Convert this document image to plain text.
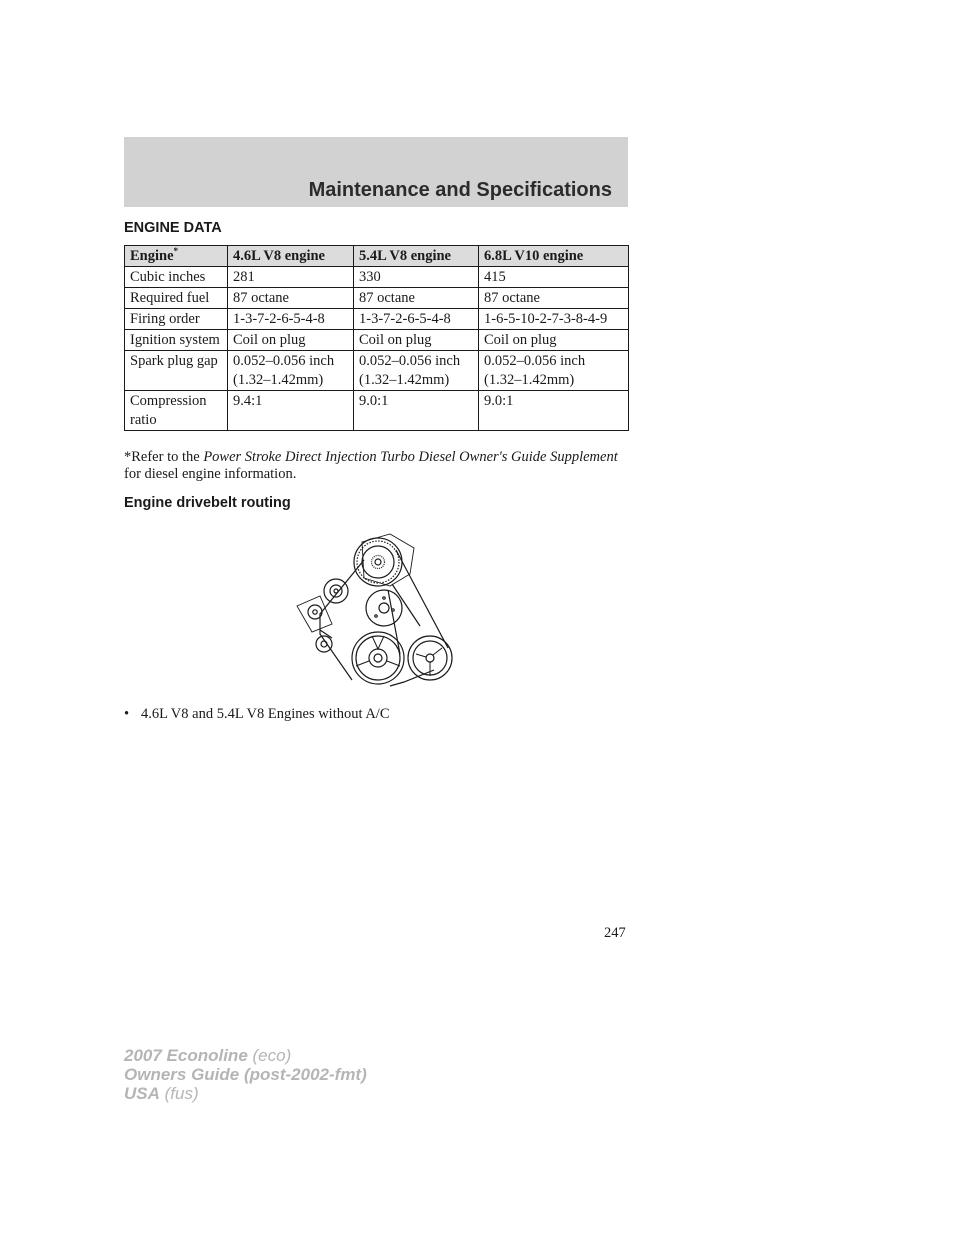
Maintenance and Specifications
ENGINE DATA
Engine*	4.6L V8 engine	5.4L V8 engine	6.8L V10 engine
Cubic inches	281	330	415
Required fuel	87 octane	87 octane	87 octane
Firing order	1-3-7-2-6-5-4-8	1-3-7-2-6-5-4-8	1-6-5-10-2-7-3-8-4-9
Ignition system	Coil on plug	Coil on plug	Coil on plug
Spark plug gap	0.052–0.056 inch (1.32–1.42mm)	0.052–0.056 inch (1.32–1.42mm)	0.052–0.056 inch (1.32–1.42mm)
Compression ratio	9.4:1	9.0:1	9.0:1
*Refer to the Power Stroke Direct Injection Turbo Diesel Owner's Guide Supplement for diesel engine information.
Engine drivebelt routing
• 4.6L V8 and 5.4L V8 Engines without A/C
247
2007 Econoline (eco)
Owners Guide (post-2002-fmt)
USA (fus)
